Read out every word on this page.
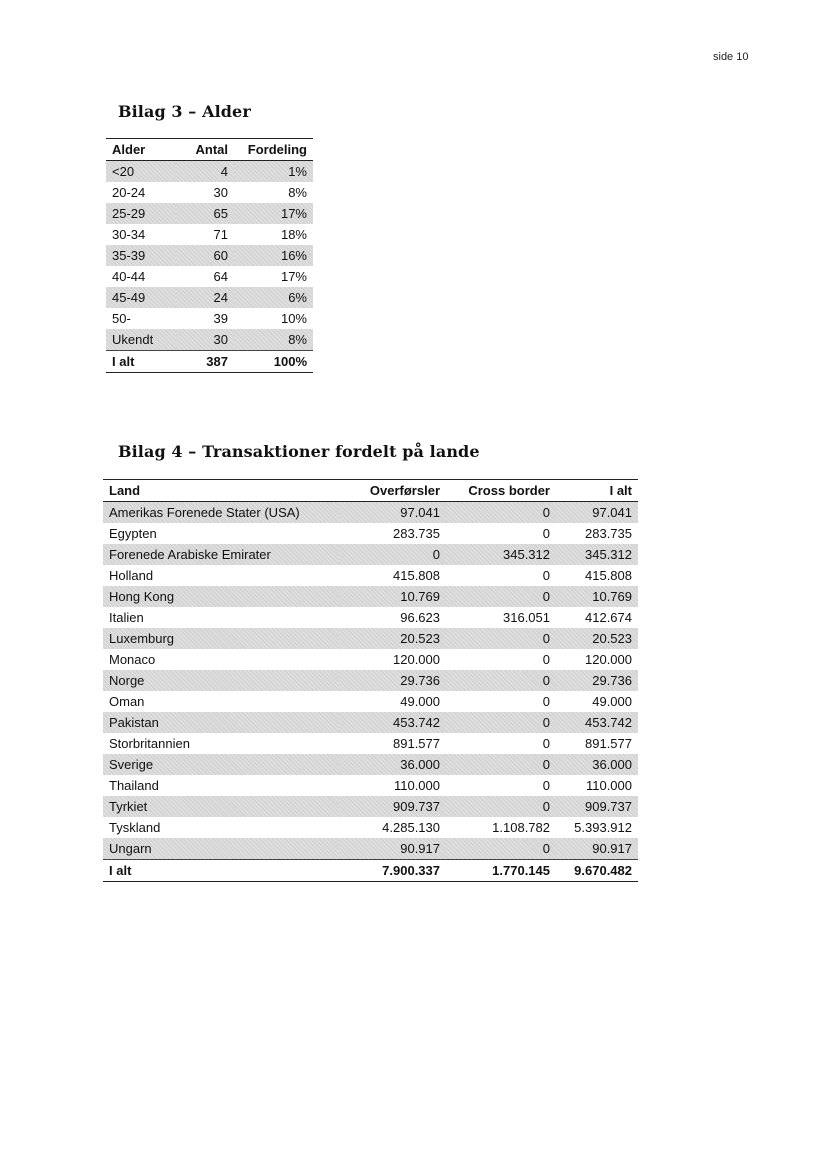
side 10
Bilag 3 – Alder
Alder	Antal	Fordeling
<20	4	1%
20-24	30	8%
25-29	65	17%
30-34	71	18%
35-39	60	16%
40-44	64	17%
45-49	24	6%
50-	39	10%
Ukendt	30	8%
I alt	387	100%
Bilag 4 – Transaktioner fordelt på lande
Land	Overførsler	Cross border	I alt
Amerikas Forenede Stater (USA)	97.041	0	97.041
Egypten	283.735	0	283.735
Forenede Arabiske Emirater	0	345.312	345.312
Holland	415.808	0	415.808
Hong Kong	10.769	0	10.769
Italien	96.623	316.051	412.674
Luxemburg	20.523	0	20.523
Monaco	120.000	0	120.000
Norge	29.736	0	29.736
Oman	49.000	0	49.000
Pakistan	453.742	0	453.742
Storbritannien	891.577	0	891.577
Sverige	36.000	0	36.000
Thailand	110.000	0	110.000
Tyrkiet	909.737	0	909.737
Tyskland	4.285.130	1.108.782	5.393.912
Ungarn	90.917	0	90.917
I alt	7.900.337	1.770.145	9.670.482
